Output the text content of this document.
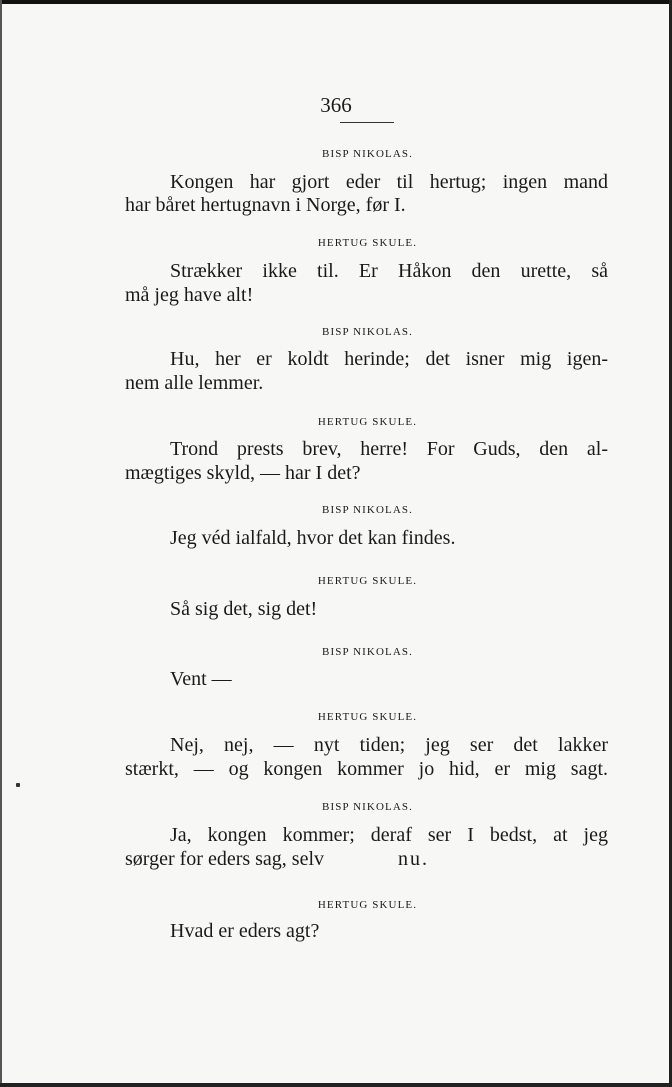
366
BISP NIKOLAS.
Kongen har gjort eder til hertug; ingen mand
har båret hertugnavn i Norge, før I.
HERTUG SKULE.
Strækker ikke til. Er Håkon den urette, så
må jeg have alt!
BISP NIKOLAS.
Hu, her er koldt herinde; det isner mig igen-
nem alle lemmer.
HERTUG SKULE.
Trond prests brev, herre! For Guds, den al-
mægtiges skyld, — har I det?
BISP NIKOLAS.
Jeg véd ialfald, hvor det kan findes.
HERTUG SKULE.
Så sig det, sig det!
BISP NIKOLAS.
Vent —
HERTUG SKULE.
Nej, nej, — nyt tiden; jeg ser det lakker
stærkt, — og kongen kommer jo hid, er mig sagt.
BISP NIKOLAS.
Ja, kongen kommer; deraf ser I bedst, at jeg
sørger for eders sag, selv	nu.
HERTUG SKULE.
Hvad er eders agt?
